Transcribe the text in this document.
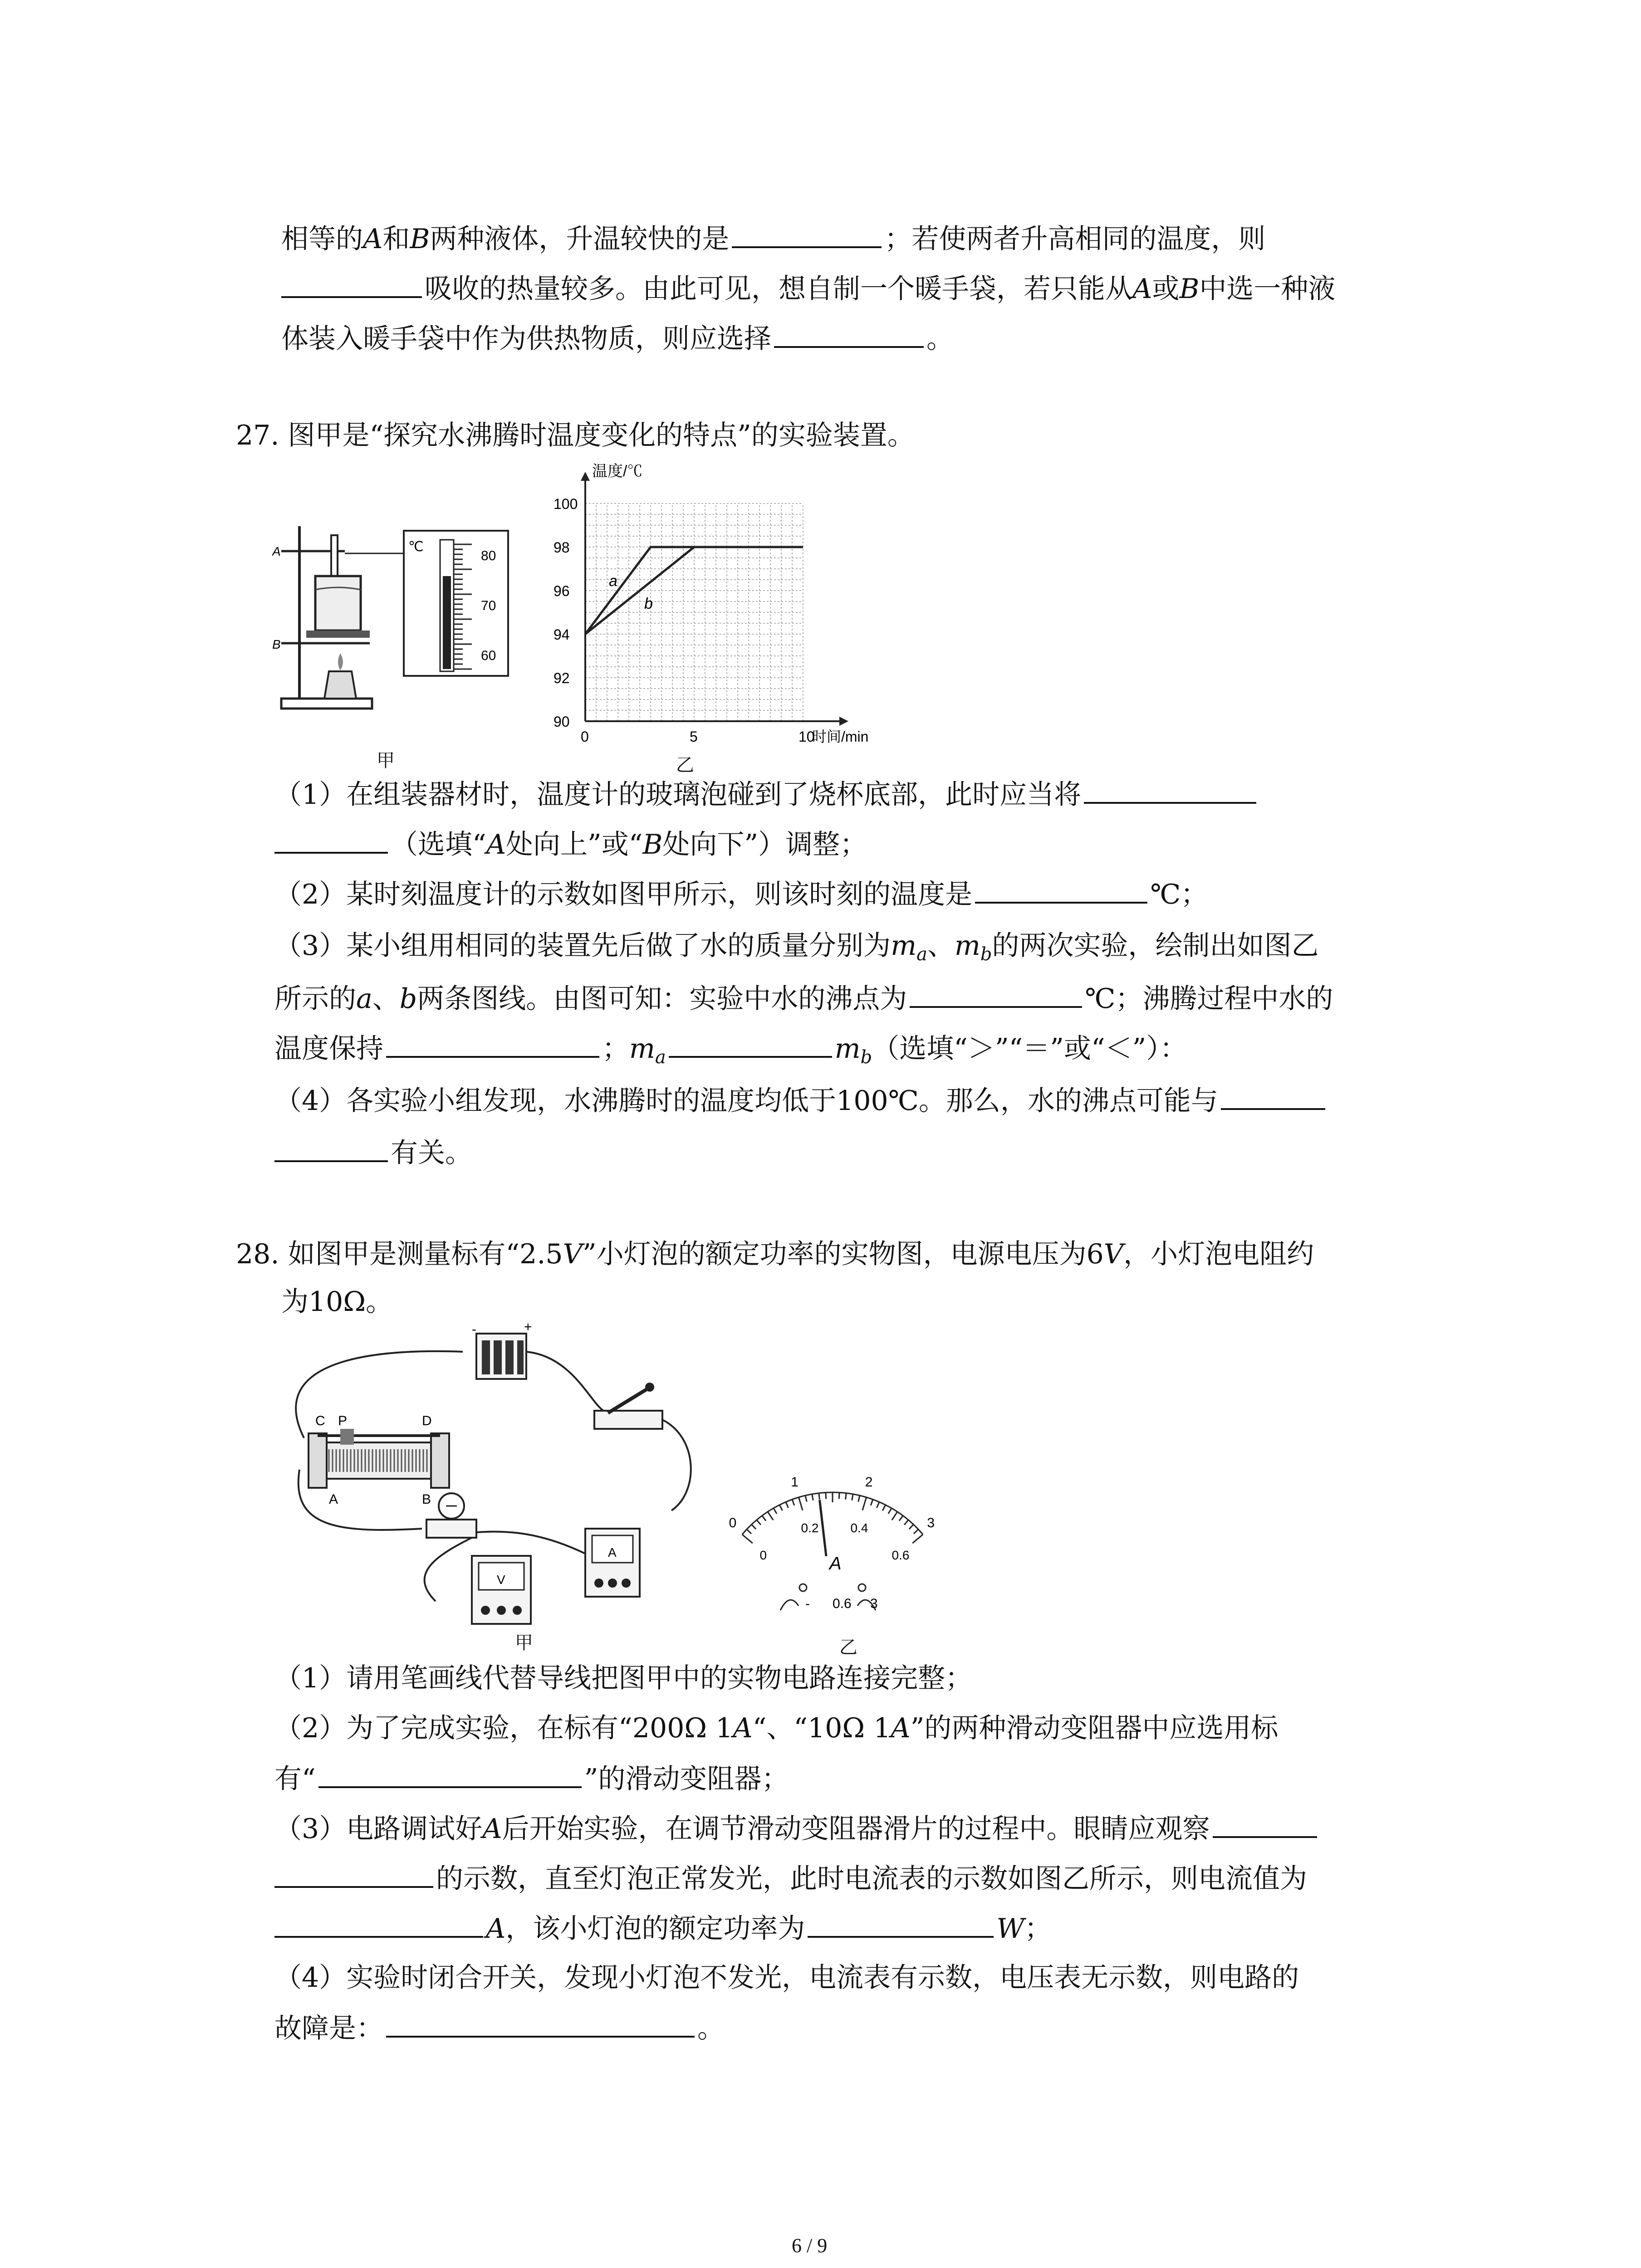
相等的A和B两种液体，升温较快的是	；若使两者升高相同的温度，则
吸收的热量较多。由此可见，想自制一个暖手袋，若只能从A或B中选一种液
体装入暖手袋中作为供热物质，则应选择	。
27. 图甲是“探究水沸腾时温度变化的特点”的实验装置。
A
B
℃
80
70
60
甲
90
92
94
96
98
100
0	5	10
温度/℃
时间/min
a
b
乙
（1）在组装器材时，温度计的玻璃泡碰到了烧杯底部，此时应当将
（选填“A处向上”或“B处向下”）调整；
（2）某时刻温度计的示数如图甲所示，则该时刻的温度是	℃；
（3）某小组用相同的装置先后做了水的质量分别为$m_a$、$m_b$的两次实验，绘制出如图乙
所示的a、b两条图线。由图可知：实验中水的沸点为	℃；沸腾过程中水的
温度保持	；$m_a$	$m_b$（选填“＞”“＝”或“＜”）：
（4）各实验小组发现，水沸腾时的温度均低于100℃。那么，水的沸点可能与
有关。
28. 如图甲是测量标有“2.5V”小灯泡的额定功率的实物图，电源电压为6V，小灯泡电阻约
为10Ω。
-	+
C P	D
A	B
A
V
甲
0
1	2
3
0
0.2	0.4
0.6
A
- 0.6 3
乙
（1）请用笔画线代替导线把图甲中的实物电路连接完整；
（2）为了完成实验，在标有“200Ω 1A“、“10Ω 1A”的两种滑动变阻器中应选用标
有“	”的滑动变阻器；
（3）电路调试好A后开始实验，在调节滑动变阻器滑片的过程中。眼睛应观察
的示数，直至灯泡正常发光，此时电流表的示数如图乙所示，则电流值为
A，该小灯泡的额定功率为	W；
（4）实验时闭合开关，发现小灯泡不发光，电流表有示数，电压表无示数，则电路的
故障是：	。
6 / 9
